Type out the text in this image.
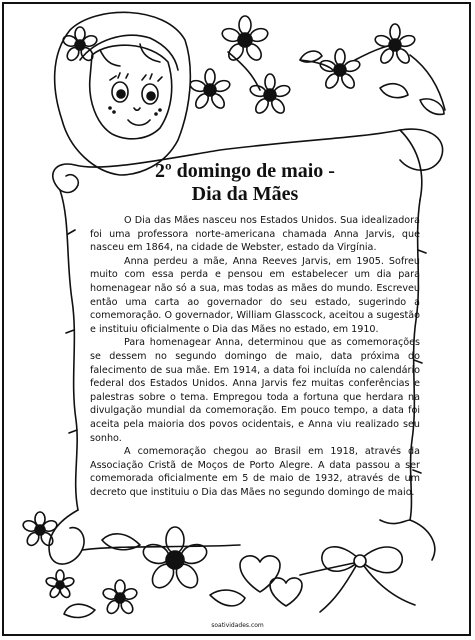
2º domingo de maio -
Dia da Mães

O Dia das Mães nasceu nos Estados Unidos. Sua idealizadora foi uma professora norte-americana chamada Anna Jarvis, que nasceu em 1864, na cidade de Webster, estado da Virgínia.

Anna perdeu a mãe, Anna Reeves Jarvis, em 1905. Sofreu muito com essa perda e pensou em estabelecer um dia para homenagear não só a sua, mas todas as mães do mundo. Escreveu então uma carta ao governador do seu estado, sugerindo a comemoração. O governador, William Glasscock, aceitou a sugestão e instituiu oficialmente o Dia das Mães no estado, em 1910.

Para homenagear Anna, determinou que as comemorações se dessem no segundo domingo de maio, data próxima do falecimento de sua mãe. Em 1914, a data foi incluída no calendário federal dos Estados Unidos. Anna Jarvis fez muitas conferências e palestras sobre o tema. Empregou toda a fortuna que herdara na divulgação mundial da comemoração. Em pouco tempo, a data foi aceita pela maioria dos povos ocidentais, e Anna viu realizado seu sonho.

A comemoração chegou ao Brasil em 1918, através da Associação Cristã de Moços de Porto Alegre. A data passou a ser comemorada oficialmente em 5 de maio de 1932, através de um decreto que instituiu o Dia das Mães no segundo domingo de maio.

soatividades.com
